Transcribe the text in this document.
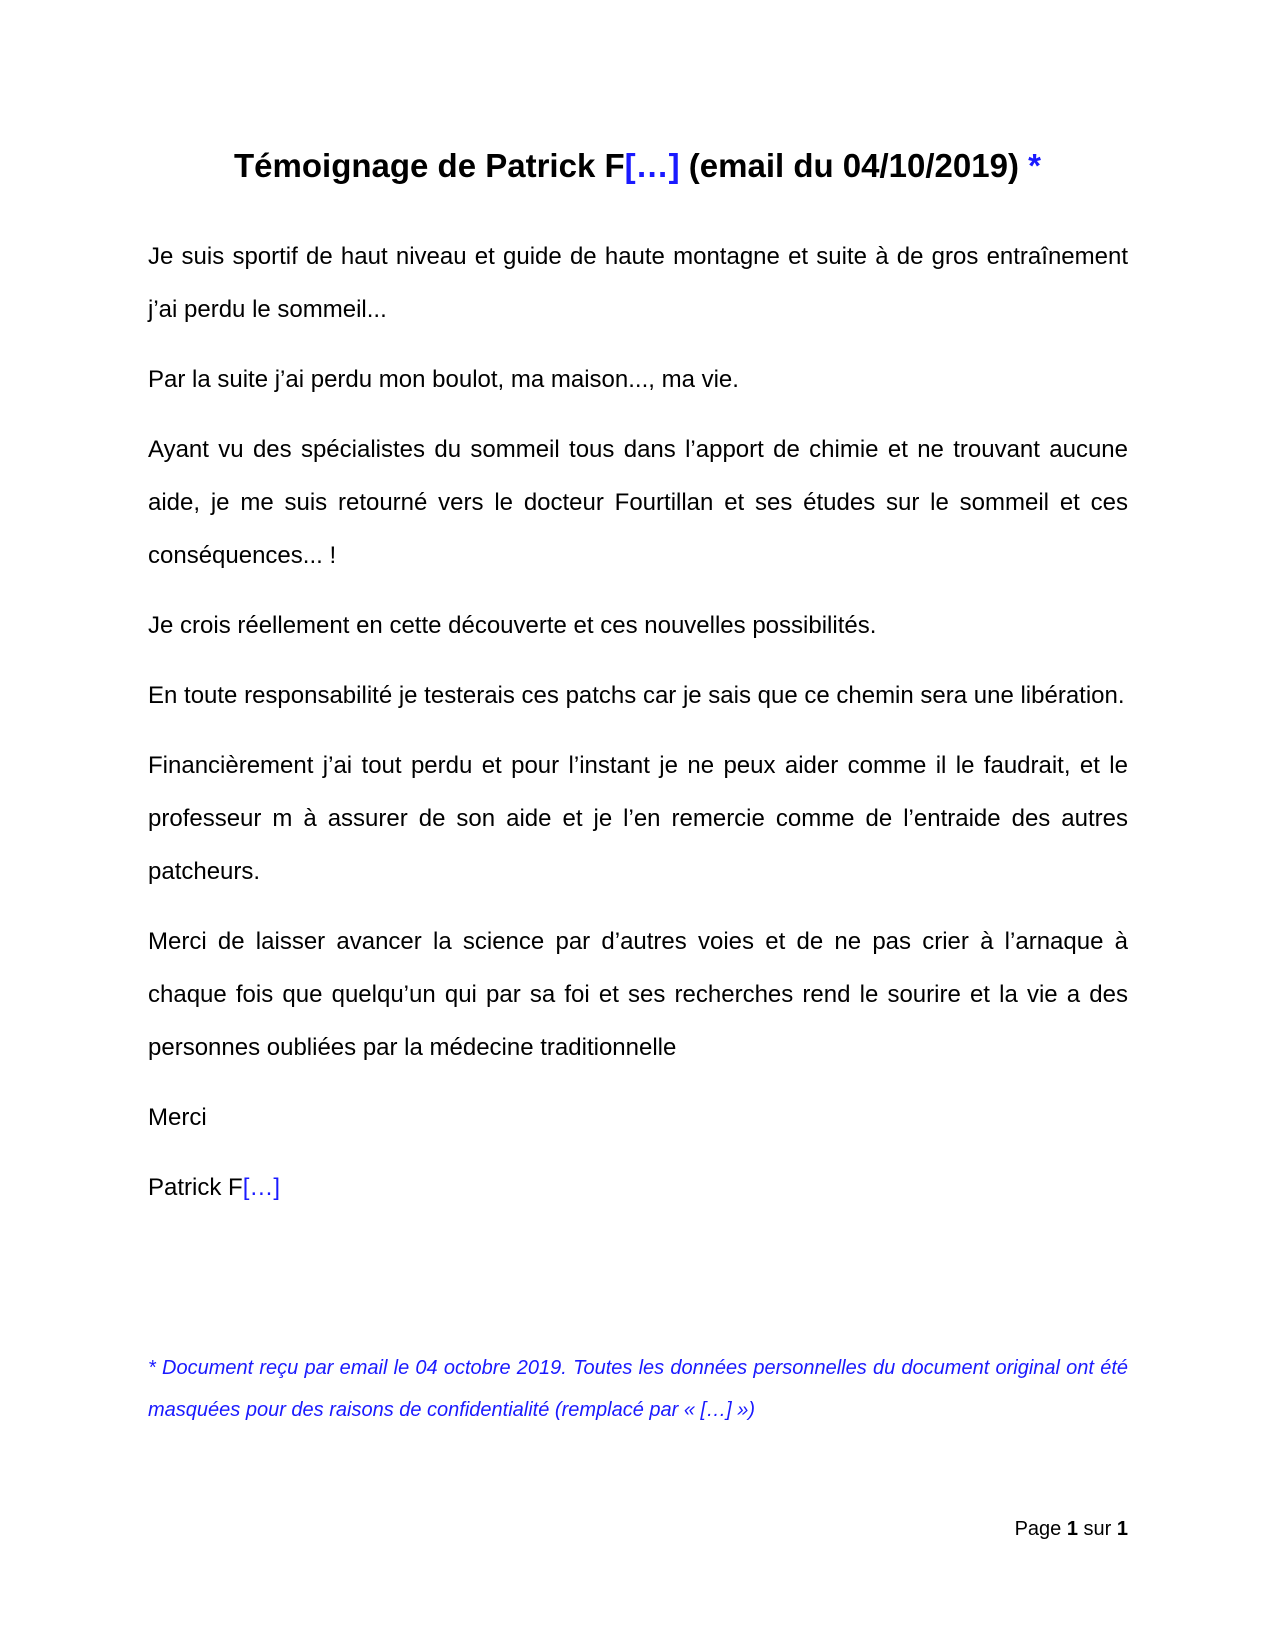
Témoignage de Patrick F[…] (email du 04/10/2019) *

Je suis sportif de haut niveau et guide de haute montagne et suite à de gros entraînement j’ai perdu le sommeil...

Par la suite j’ai perdu mon boulot, ma maison..., ma vie.

Ayant vu des spécialistes du sommeil tous dans l’apport de chimie et ne trouvant aucune aide, je me suis retourné vers le docteur Fourtillan et ses études sur le sommeil et ces conséquences... !

Je crois réellement en cette découverte et ces nouvelles possibilités.

En toute responsabilité je testerais ces patchs car je sais que ce chemin sera une libération.

Financièrement j’ai tout perdu et pour l’instant je ne peux aider comme il le faudrait, et le professeur m à assurer de son aide et je l’en remercie comme de l’entraide des autres patcheurs.

Merci de laisser avancer la science par d’autres voies et de ne pas crier à l’arnaque à chaque fois que quelqu’un qui par sa foi et ses recherches rend le sourire et la vie a des personnes oubliées par la médecine traditionnelle

Merci

Patrick F[…]

* Document reçu par email le 04 octobre 2019. Toutes les données personnelles du document original ont été masquées pour des raisons de confidentialité (remplacé par « […] »)
Page 1 sur 1
